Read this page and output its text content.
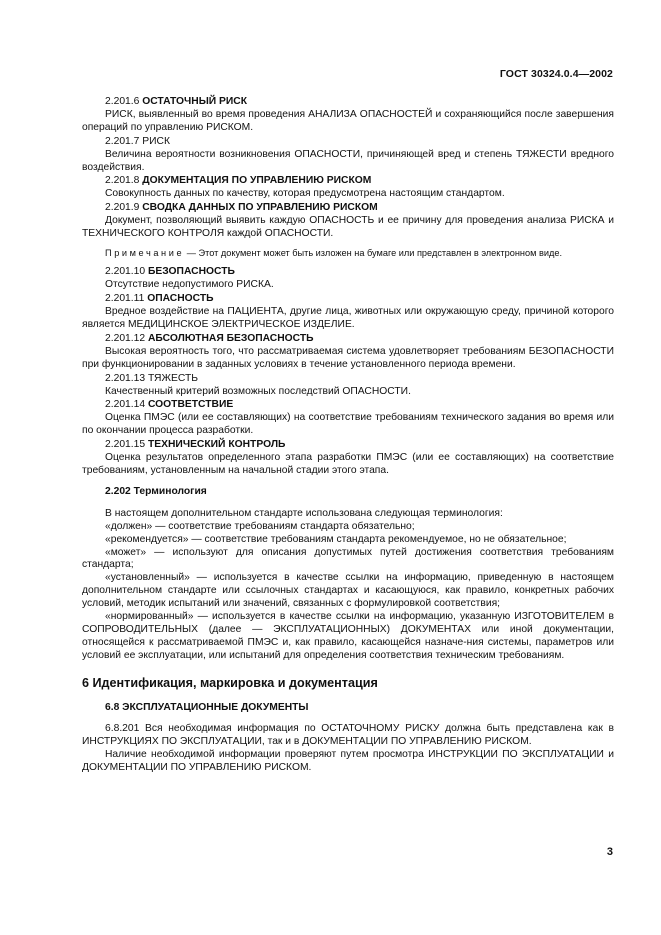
ГОСТ 30324.0.4—2002

2.201.6 ОСТАТОЧНЫЙ РИСК

РИСК, выявленный во время проведения АНАЛИЗА ОПАСНОСТЕЙ и сохраняющийся после завершения операций по управлению РИСКОМ.

2.201.7 РИСК

Величина вероятности возникновения ОПАСНОСТИ, причиняющей вред и степень ТЯЖЕСТИ вредного воздействия.

2.201.8 ДОКУМЕНТАЦИЯ ПО УПРАВЛЕНИЮ РИСКОМ

Совокупность данных по качеству, которая предусмотрена настоящим стандартом.

2.201.9 СВОДКА ДАННЫХ ПО УПРАВЛЕНИЮ РИСКОМ

Документ, позволяющий выявить каждую ОПАСНОСТЬ и ее причину для проведения анализа РИСКА и ТЕХНИЧЕСКОГО КОНТРОЛЯ каждой ОПАСНОСТИ.

Примечание — Этот документ может быть изложен на бумаге или представлен в электронном виде.

2.201.10 БЕЗОПАСНОСТЬ

Отсутствие недопустимого РИСКА.

2.201.11 ОПАСНОСТЬ

Вредное воздействие на ПАЦИЕНТА, другие лица, животных или окружающую среду, причиной которого является МЕДИЦИНСКОЕ ЭЛЕКТРИЧЕСКОЕ ИЗДЕЛИЕ.

2.201.12 АБСОЛЮТНАЯ БЕЗОПАСНОСТЬ

Высокая вероятность того, что рассматриваемая система удовлетворяет требованиям БЕЗОПАСНОСТИ при функционировании в заданных условиях в течение установленного периода времени.

2.201.13 ТЯЖЕСТЬ

Качественный критерий возможных последствий ОПАСНОСТИ.

2.201.14 СООТВЕТСТВИЕ

Оценка ПМЭС (или ее составляющих) на соответствие требованиям технического задания во время или по окончании процесса разработки.

2.201.15 ТЕХНИЧЕСКИЙ КОНТРОЛЬ

Оценка результатов определенного этапа разработки ПМЭС (или ее составляющих) на соответствие требованиям, установленным на начальной стадии этого этапа.

2.202 Терминология

В настоящем дополнительном стандарте использована следующая терминология:

«должен» — соответствие требованиям стандарта обязательно;

«рекомендуется» — соответствие требованиям стандарта рекомендуемое, но не обязательное;

«может» — используют для описания допустимых путей достижения соответствия требованиям стандарта;

«установленный» — используется в качестве ссылки на информацию, приведенную в настоящем дополнительном стандарте или ссылочных стандартах и касающуюся, как правило, конкретных рабочих условий, методик испытаний или значений, связанных с формулировкой соответствия;

«нормированный» — используется в качестве ссылки на информацию, указанную ИЗГОТОВИТЕЛЕМ в СОПРОВОДИТЕЛЬНЫХ (далее — ЭКСПЛУАТАЦИОННЫХ) ДОКУМЕНТАХ или иной документации, относящейся к рассматриваемой ПМЭС и, как правило, касающейся назначе-ния системы, параметров или условий ее эксплуатации, или испытаний для определения соответствия техническим требованиям.

6 Идентификация, маркировка и документация

6.8 ЭКСПЛУАТАЦИОННЫЕ ДОКУМЕНТЫ

6.8.201 Вся необходимая информация по ОСТАТОЧНОМУ РИСКУ должна быть представлена как в ИНСТРУКЦИЯХ ПО ЭКСПЛУАТАЦИИ, так и в ДОКУМЕНТАЦИИ ПО УПРАВЛЕНИЮ РИСКОМ.

Наличие необходимой информации проверяют путем просмотра ИНСТРУКЦИИ ПО ЭКСПЛУАТАЦИИ и ДОКУМЕНТАЦИИ ПО УПРАВЛЕНИЮ РИСКОМ.

3
